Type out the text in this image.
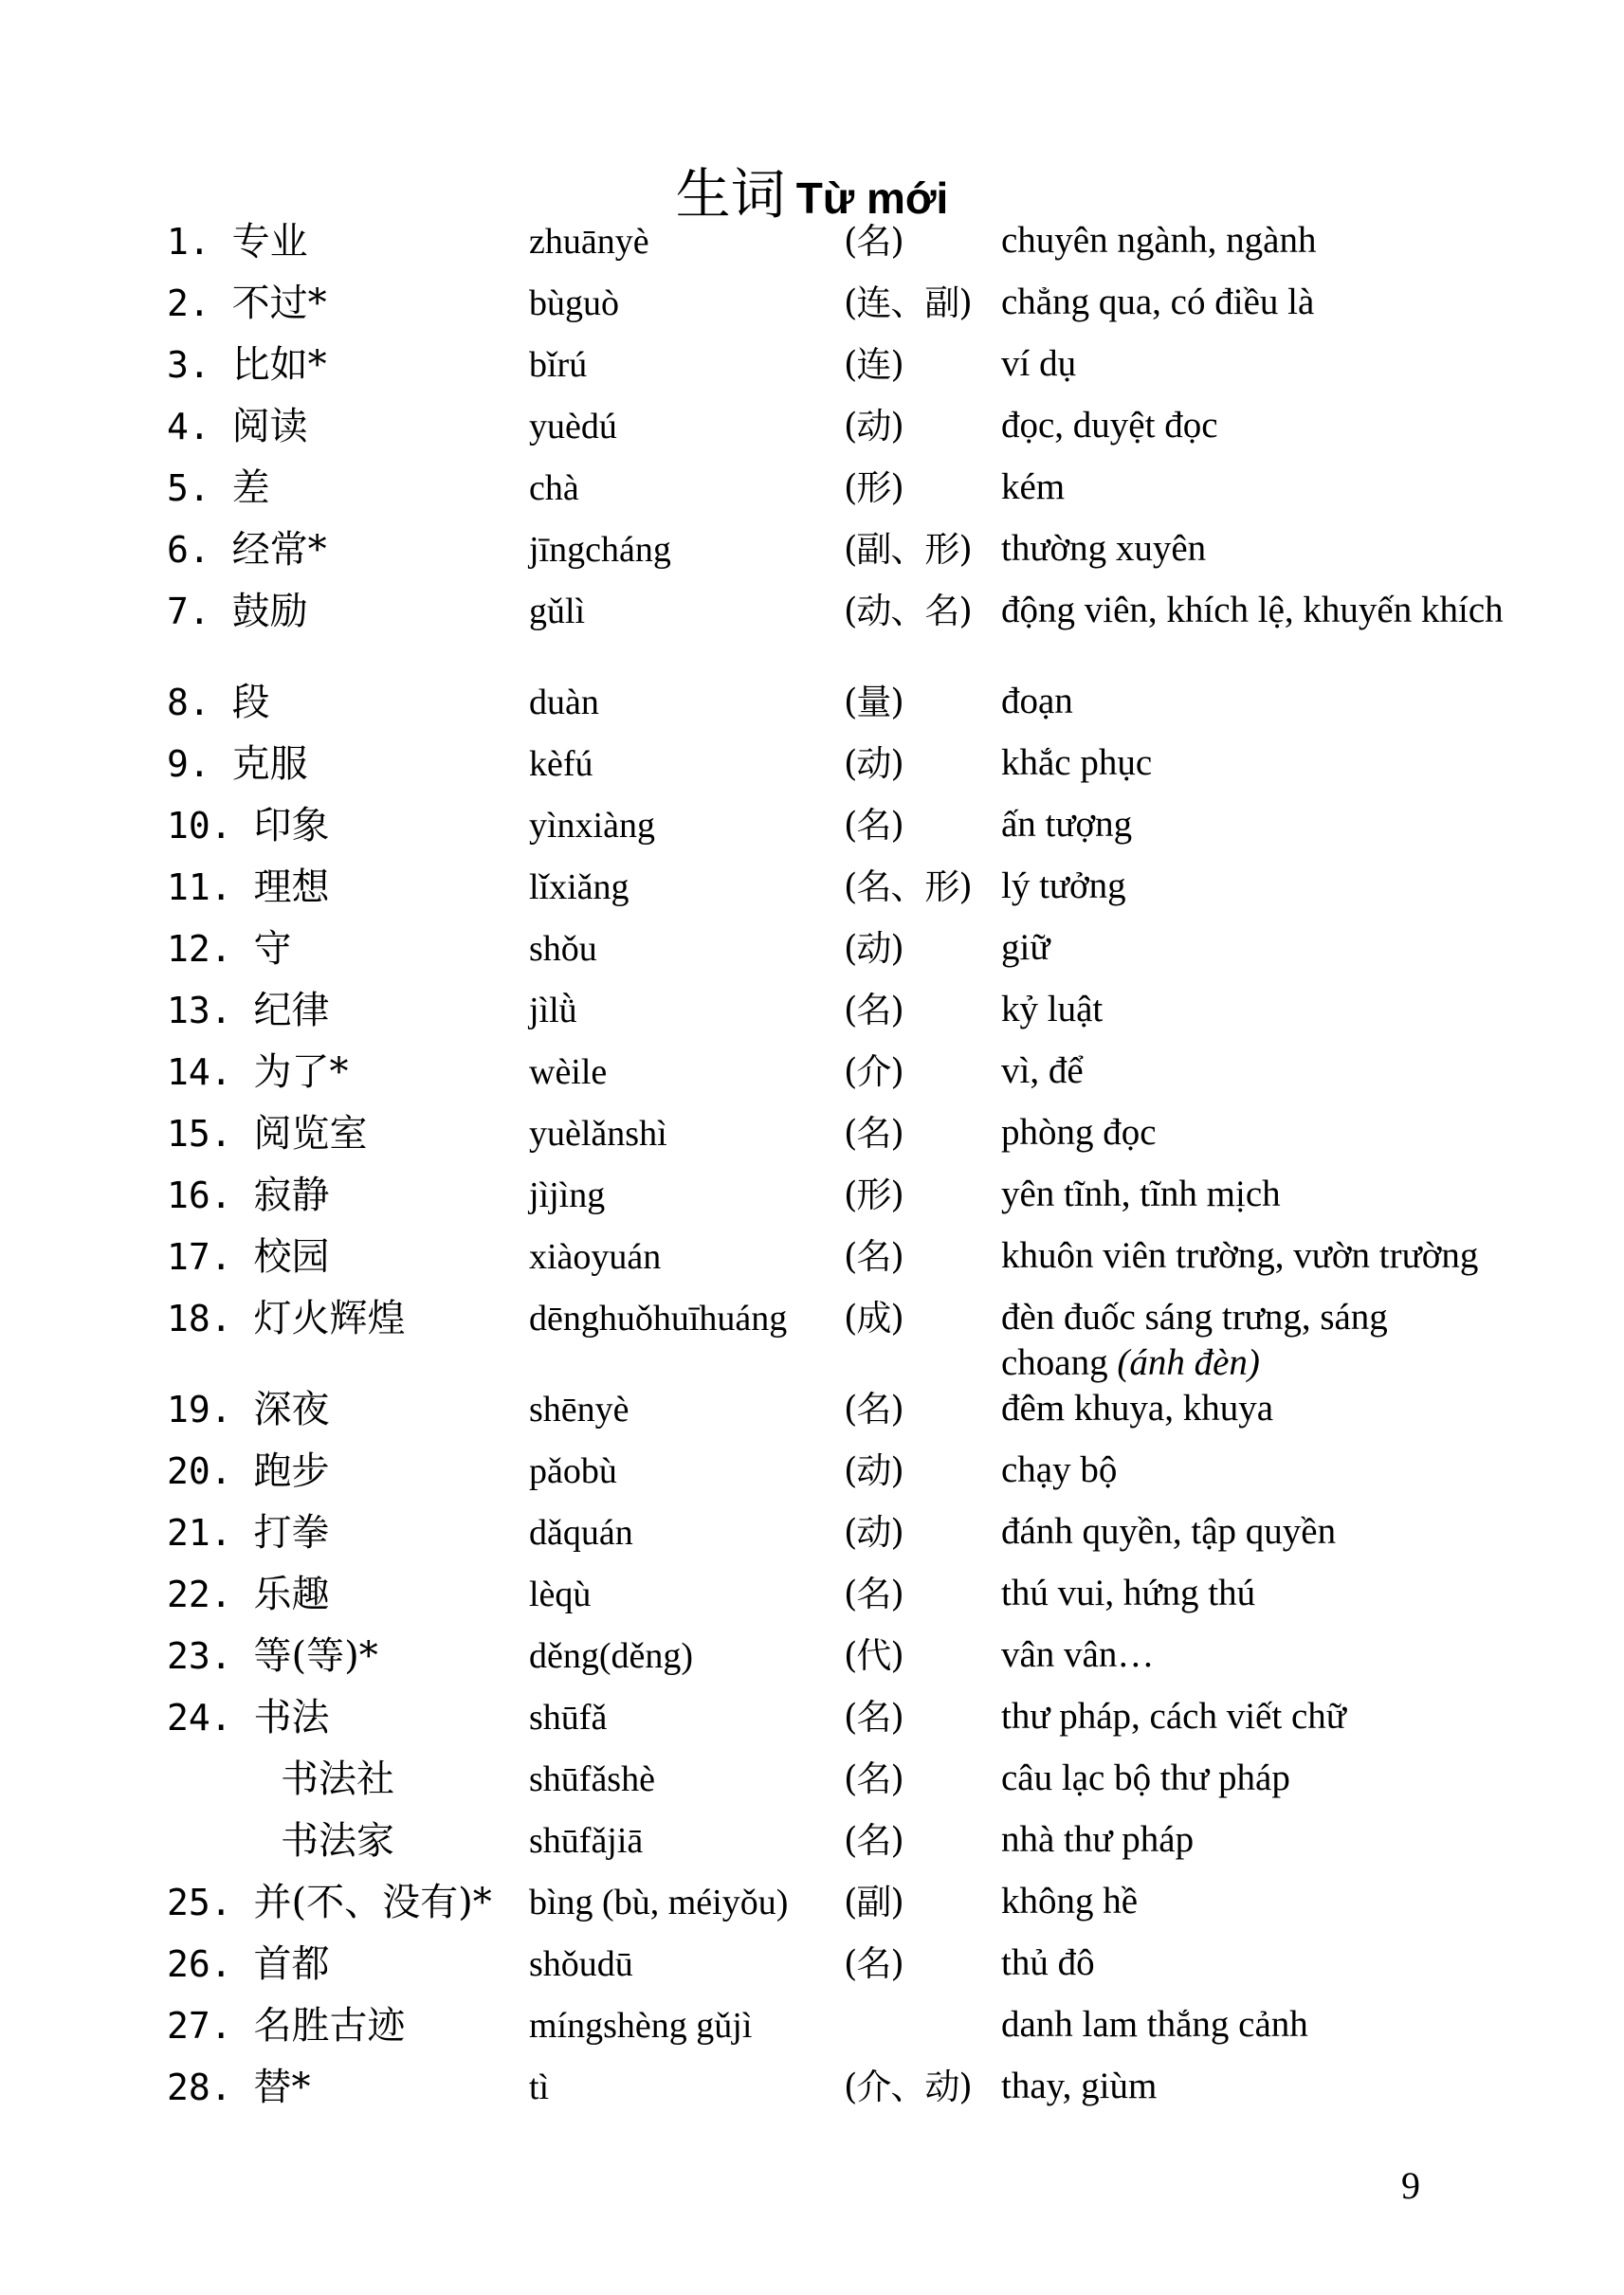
生词 Từ mới
1. 专业	zhuānyè	(名)	chuyên ngành, ngành
2. 不过*	bùguò	(连、副) chẳng qua, có điều là
3. 比如*	bǐrú	(连)	ví dụ
4. 阅读	yuèdú	(动)	đọc, duyệt đọc
5. 差	chà	(形)	kém
6. 经常*	jīngcháng	(副、形) thường xuyên
7. 鼓励	gǔlì	(动、名) động viên, khích lệ, khuyến khích
8. 段	duàn	(量)	đoạn
9. 克服	kèfú	(动)	khắc phục
10. 印象	yìnxiàng	(名)	ấn tượng
11. 理想	lǐxiǎng	(名、形) lý tưởng
12. 守	shǒu	(动)	giữ
13. 纪律	jìlǜ	(名)	kỷ luật
14. 为了*	wèile	(介)	vì, để
15. 阅览室	yuèlǎnshì	(名)	phòng đọc
16. 寂静	jìjìng	(形)	yên tĩnh, tĩnh mịch
17. 校园	xiàoyuán	(名)	khuôn viên trường, vườn trường
18. 灯火辉煌	dēnghuǒhuīhuáng (成)	đèn đuốc sáng trưng, sáng choang (ánh đèn)
19. 深夜	shēnyè	(名)	đêm khuya, khuya
20. 跑步	pǎobù	(动)	chạy bộ
21. 打拳	dǎquán	(动)	đánh quyền, tập quyền
22. 乐趣	lèqù	(名)	thú vui, hứng thú
23. 等(等)*	děng(děng)	(代)	vân vân…
24. 书法	shūfǎ	(名)	thư pháp, cách viết chữ
书法社	shūfǎshè	(名)	câu lạc bộ thư pháp
书法家	shūfǎjiā	(名)	nhà thư pháp
25. 并(不、没有)* bìng (bù, méiyǒu) (副)	không hề
26. 首都	shǒudū	(名)	thủ đô
27. 名胜古迹	míngshèng gǔjì	danh lam thắng cảnh
28. 替*	tì	(介、动) thay, giùm
9
